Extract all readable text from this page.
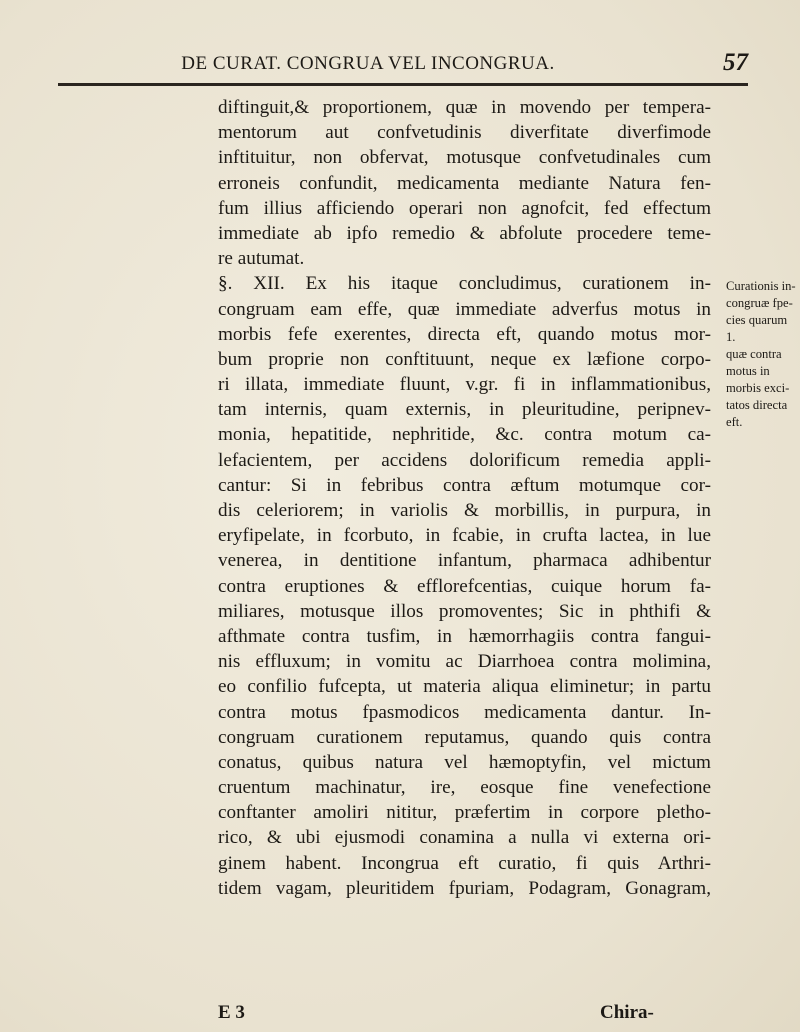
DE CURAT. CONGRUA VEL INCONGRUA.	57
diftinguit,& proportionem, quæ in movendo per tempera-
mentorum aut confvetudinis diverfitate diverfimode
inftituitur, non obfervat, motusque confvetudinales cum
erroneis confundit, medicamenta mediante Natura fen-
fum illius afficiendo operari non agnofcit, fed effectum
immediate ab ipfo remedio & abfolute procedere teme-
re autumat.
§. XII. Ex his itaque concludimus, curationem in-
congruam eam effe, quæ immediate adverfus motus in
morbis fefe exerentes, directa eft, quando motus mor-
bum proprie non conftituunt, neque ex læfione corpo-
ri illata, immediate fluunt, v.gr. fi in inflammationibus,
tam internis, quam externis, in pleuritudine, peripnev-
monia, hepatitide, nephritide, &c. contra motum ca-
lefacientem, per accidens dolorificum remedia appli-
cantur: Si in febribus contra æftum motumque cor-
dis celeriorem; in variolis & morbillis, in purpura, in
eryfipelate, in fcorbuto, in fcabie, in crufta lactea, in lue
venerea, in dentitione infantum, pharmaca adhibentur
contra eruptiones & efflorefcentias, cuique horum fa-
miliares, motusque illos promoventes; Sic in phthifi &
afthmate contra tusfim, in hæmorrhagiis contra fangui-
nis effluxum; in vomitu ac Diarrhoea contra molimina,
eo confilio fufcepta, ut materia aliqua eliminetur; in partu
contra motus fpasmodicos medicamenta dantur. In-
congruam curationem reputamus, quando quis contra
conatus, quibus natura vel hæmoptyfin, vel mictum
cruentum machinatur, ire, eosque fine venefectione
conftanter amoliri nititur, præfertim in corpore pletho-
rico, & ubi ejusmodi conamina a nulla vi externa ori-
ginem habent. Incongrua eft curatio, fi quis Arthri-
tidem vagam, pleuritidem fpuriam, Podagram, Gonagram,
E 3	Chira-
Curationis in-
congruæ fpe-
cies quarum
1.
quæ contra
motus in
morbis exci-
tatos directa
eft.
